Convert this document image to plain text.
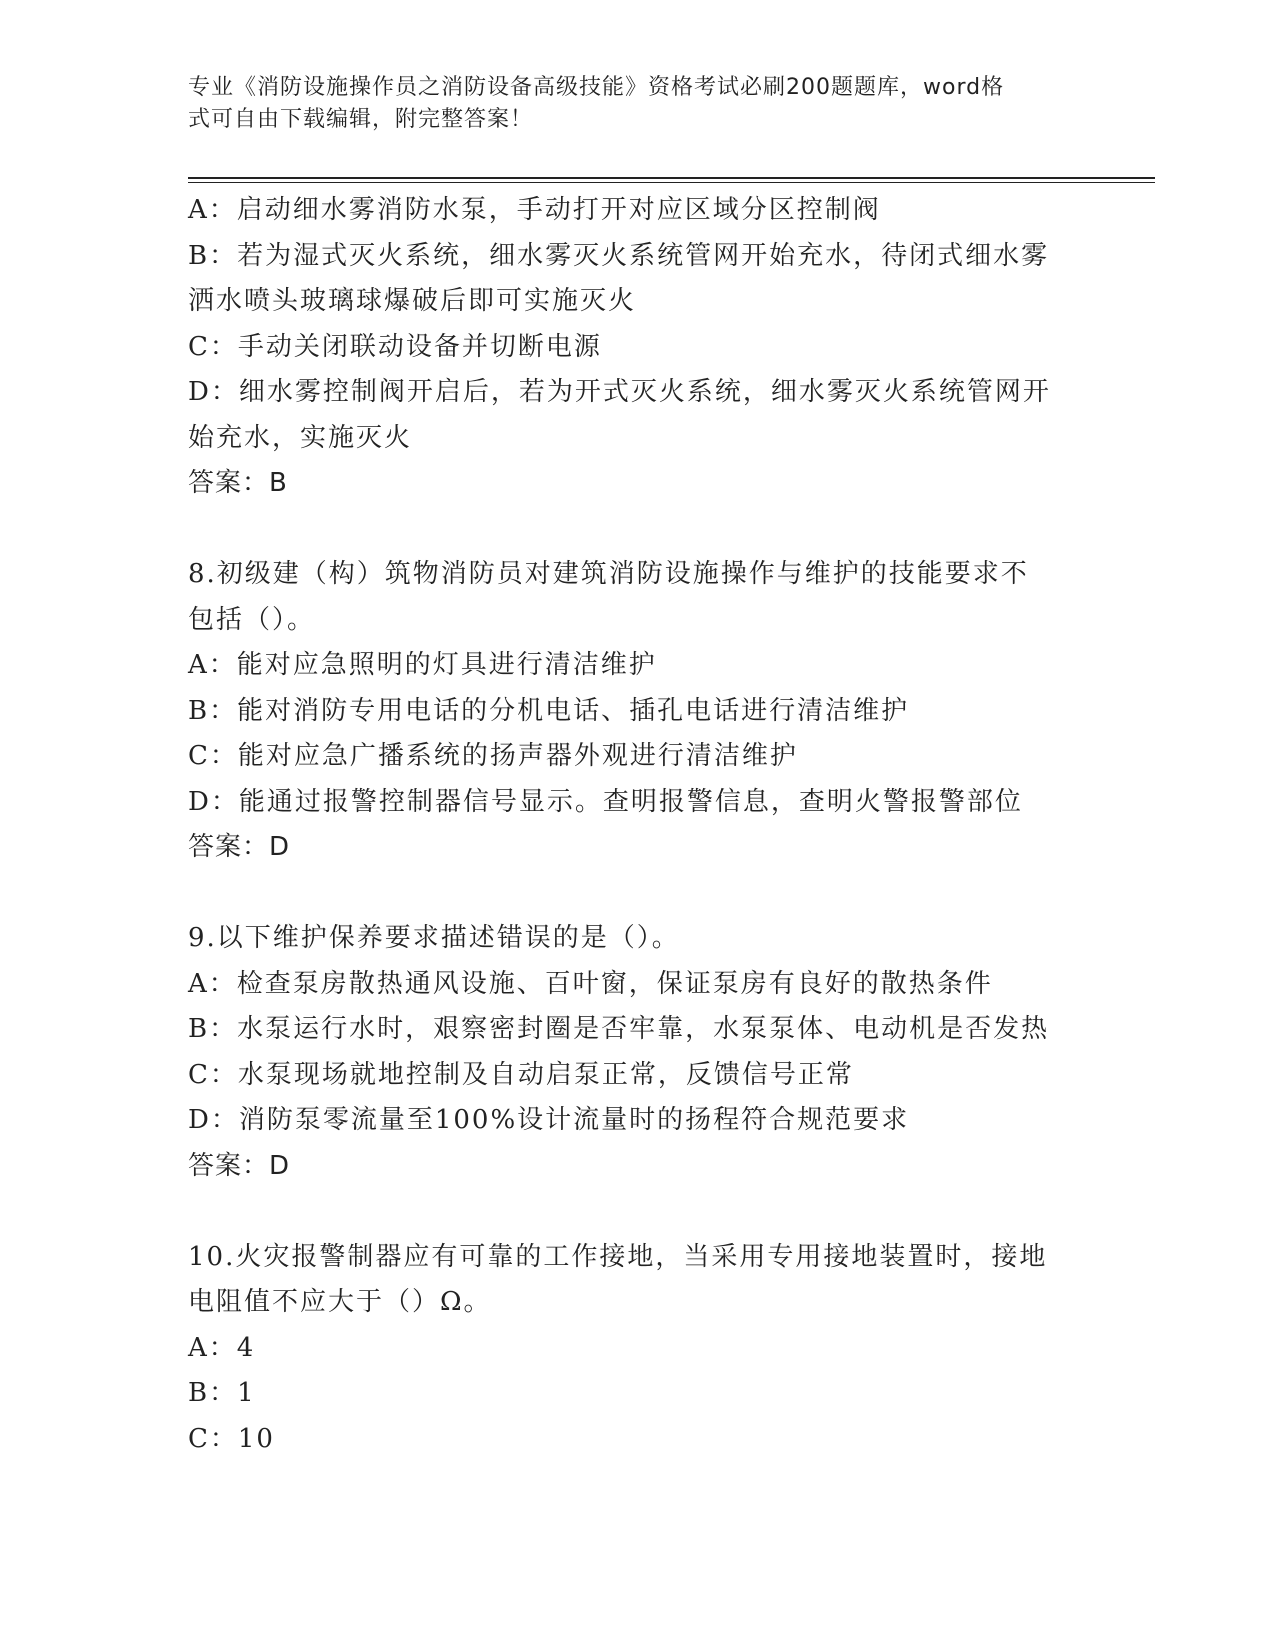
专业《消防设施操作员之消防设备高级技能》资格考试必刷200题题库，word格
式可自由下载编辑，附完整答案！
A：启动细水雾消防水泵，手动打开对应区域分区控制阀
B：若为湿式灭火系统，细水雾灭火系统管网开始充水，待闭式细水雾
洒水喷头玻璃球爆破后即可实施灭火
C：手动关闭联动设备并切断电源
D：细水雾控制阀开启后，若为开式灭火系统，细水雾灭火系统管网开
始充水，实施灭火
答案：B
8.初级建（构）筑物消防员对建筑消防设施操作与维护的技能要求不
包括（）。
A：能对应急照明的灯具进行清洁维护
B：能对消防专用电话的分机电话、插孔电话进行清洁维护
C：能对应急广播系统的扬声器外观进行清洁维护
D：能通过报警控制器信号显示。查明报警信息，查明火警报警部位
答案：D
9.以下维护保养要求描述错误的是（）。
A：检查泵房散热通风设施、百叶窗，保证泵房有良好的散热条件
B：水泵运行水时，艰察密封圈是否牢靠，水泵泵体、电动机是否发热
C：水泵现场就地控制及自动启泵正常，反馈信号正常
D：消防泵零流量至100%设计流量时的扬程符合规范要求
答案：D
10.火灾报警制器应有可靠的工作接地，当采用专用接地装置时，接地
电阻值不应大于（）Ω。
A：4
B：1
C：10
